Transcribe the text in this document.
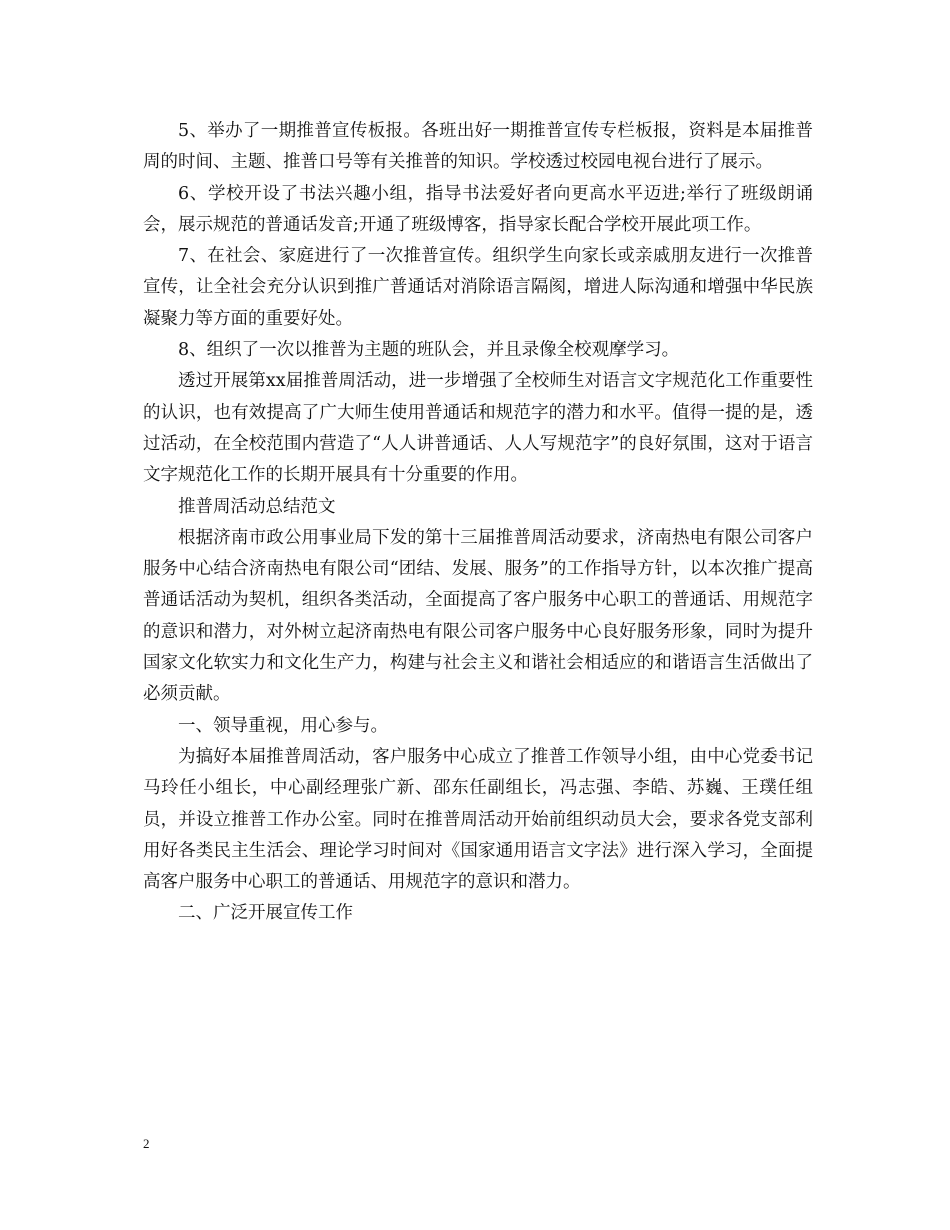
5、举办了一期推普宣传板报。各班出好一期推普宣传专栏板报，资料是本届推普周的时间、主题、推普口号等有关推普的知识。学校透过校园电视台进行了展示。

6、学校开设了书法兴趣小组，指导书法爱好者向更高水平迈进;举行了班级朗诵会，展示规范的普通话发音;开通了班级博客，指导家长配合学校开展此项工作。

7、在社会、家庭进行了一次推普宣传。组织学生向家长或亲戚朋友进行一次推普宣传，让全社会充分认识到推广普通话对消除语言隔阂，增进人际沟通和增强中华民族凝聚力等方面的重要好处。

8、组织了一次以推普为主题的班队会，并且录像全校观摩学习。

透过开展第xx届推普周活动，进一步增强了全校师生对语言文字规范化工作重要性的认识，也有效提高了广大师生使用普通话和规范字的潜力和水平。值得一提的是，透过活动，在全校范围内营造了“人人讲普通话、人人写规范字”的良好氛围，这对于语言文字规范化工作的长期开展具有十分重要的作用。

推普周活动总结范文

根据济南市政公用事业局下发的第十三届推普周活动要求，济南热电有限公司客户服务中心结合济南热电有限公司“团结、发展、服务”的工作指导方针，以本次推广提高普通话活动为契机，组织各类活动，全面提高了客户服务中心职工的普通话、用规范字的意识和潜力，对外树立起济南热电有限公司客户服务中心良好服务形象，同时为提升国家文化软实力和文化生产力，构建与社会主义和谐社会相适应的和谐语言生活做出了必须贡献。

一、领导重视，用心参与。

为搞好本届推普周活动，客户服务中心成立了推普工作领导小组，由中心党委书记马玲任小组长，中心副经理张广新、邵东任副组长，冯志强、李皓、苏巍、王璞任组员，并设立推普工作办公室。同时在推普周活动开始前组织动员大会，要求各党支部利用好各类民主生活会、理论学习时间对《国家通用语言文字法》进行深入学习，全面提高客户服务中心职工的普通话、用规范字的意识和潜力。

二、广泛开展宣传工作

2
